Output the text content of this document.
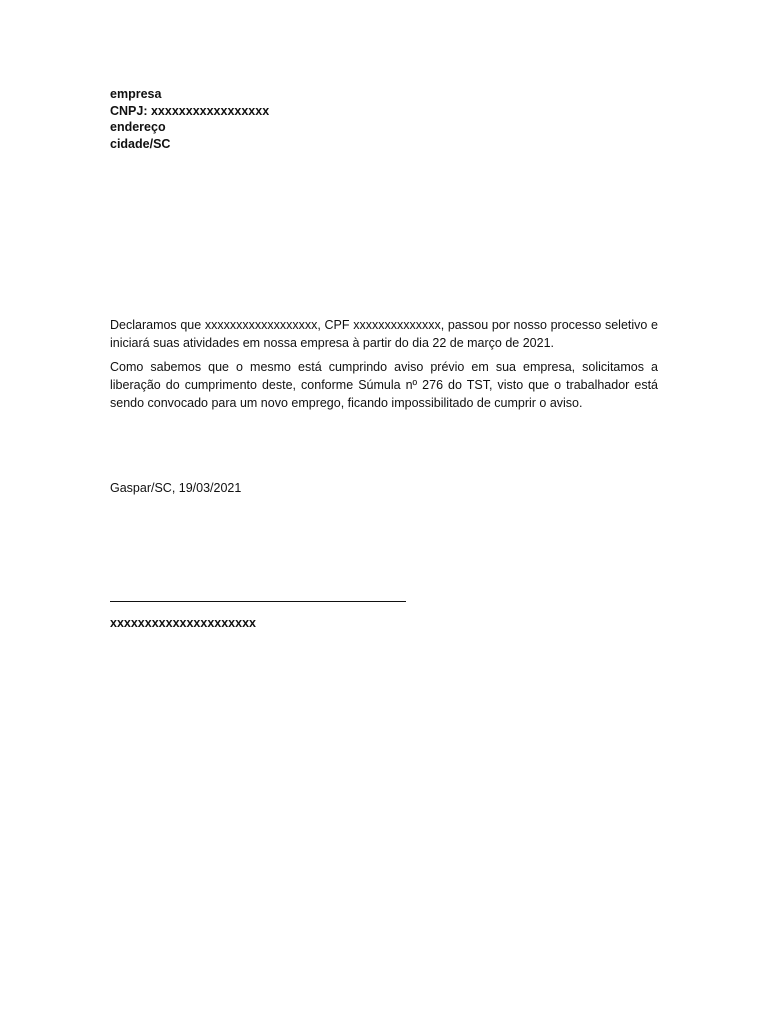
empresa
CNPJ: xxxxxxxxxxxxxxxxx
endereço
cidade/SC

Declaramos que xxxxxxxxxxxxxxxxxx, CPF xxxxxxxxxxxxxx, passou por nosso processo seletivo e iniciará suas atividades em nossa empresa à partir do dia 22 de março de 2021.

Como sabemos que o mesmo está cumprindo aviso prévio em sua empresa, solicitamos a liberação do cumprimento deste, conforme Súmula nº 276 do TST, visto que o trabalhador está sendo convocado para um novo emprego, ficando impossibilitado de cumprir o aviso.

Gaspar/SC, 19/03/2021
xxxxxxxxxxxxxxxxxxxxx
